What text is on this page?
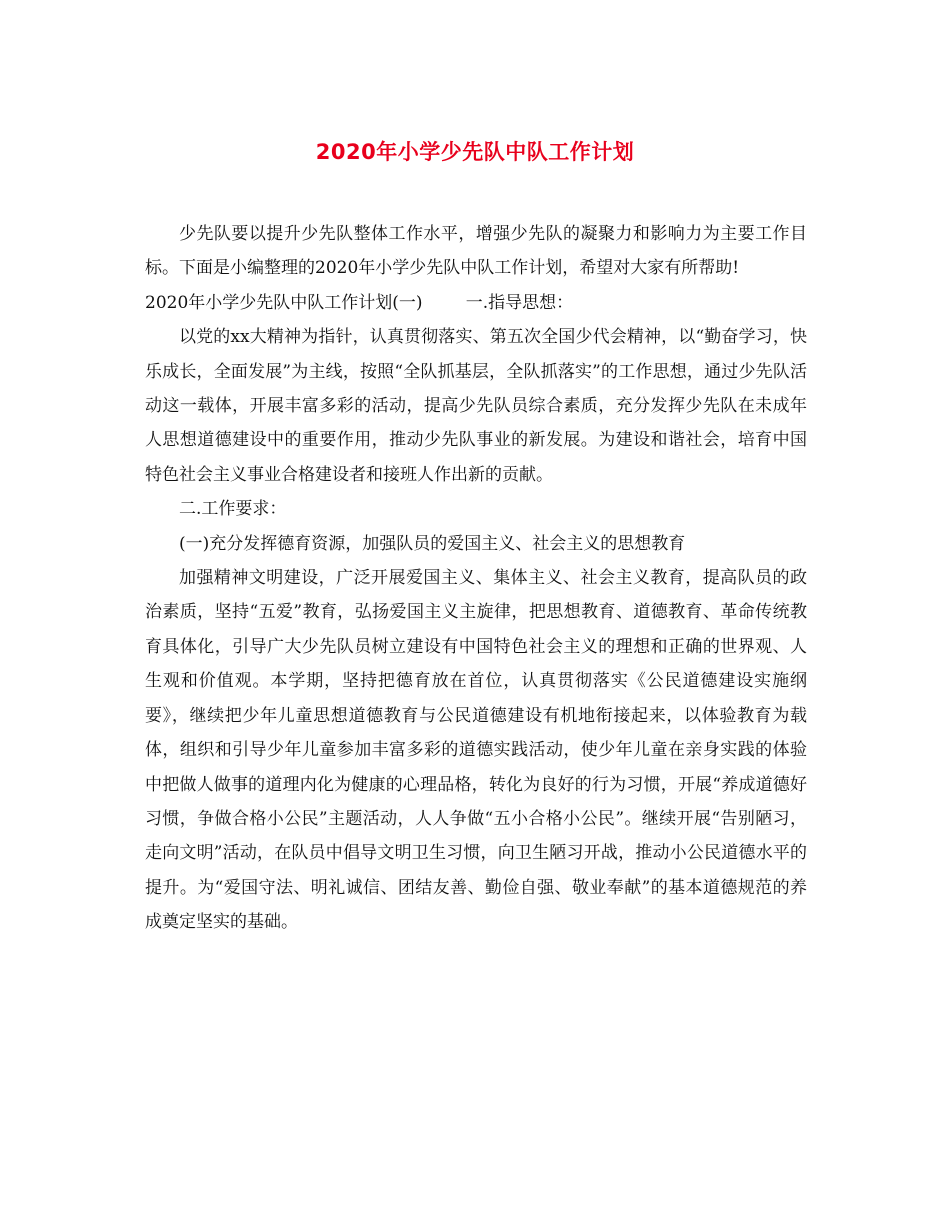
2020年小学少先队中队工作计划

少先队要以提升少先队整体工作水平，增强少先队的凝聚力和影响力为主要工作目标。下面是小编整理的2020年小学少先队中队工作计划，希望对大家有所帮助!

2020年小学少先队中队工作计划(一)	一.指导思想：

以党的xx大精神为指针，认真贯彻落实、第五次全国少代会精神，以“勤奋学习，快乐成长，全面发展”为主线，按照“全队抓基层，全队抓落实”的工作思想，通过少先队活动这一载体，开展丰富多彩的活动，提高少先队员综合素质，充分发挥少先队在未成年人思想道德建设中的重要作用，推动少先队事业的新发展。为建设和谐社会，培育中国特色社会主义事业合格建设者和接班人作出新的贡献。

二.工作要求：

(一)充分发挥德育资源，加强队员的爱国主义、社会主义的思想教育

加强精神文明建设，广泛开展爱国主义、集体主义、社会主义教育，提高队员的政治素质，坚持“五爱”教育，弘扬爱国主义主旋律，把思想教育、道德教育、革命传统教育具体化，引导广大少先队员树立建设有中国特色社会主义的理想和正确的世界观、人生观和价值观。本学期，坚持把德育放在首位，认真贯彻落实《公民道德建设实施纲要》，继续把少年儿童思想道德教育与公民道德建设有机地衔接起来，以体验教育为载体，组织和引导少年儿童参加丰富多彩的道德实践活动，使少年儿童在亲身实践的体验中把做人做事的道理内化为健康的心理品格，转化为良好的行为习惯，开展“养成道德好习惯，争做合格小公民”主题活动，人人争做“五小合格小公民”。继续开展“告别陋习，走向文明”活动，在队员中倡导文明卫生习惯，向卫生陋习开战，推动小公民道德水平的提升。为“爱国守法、明礼诚信、团结友善、勤俭自强、敬业奉献”的基本道德规范的养成奠定坚实的基础。
